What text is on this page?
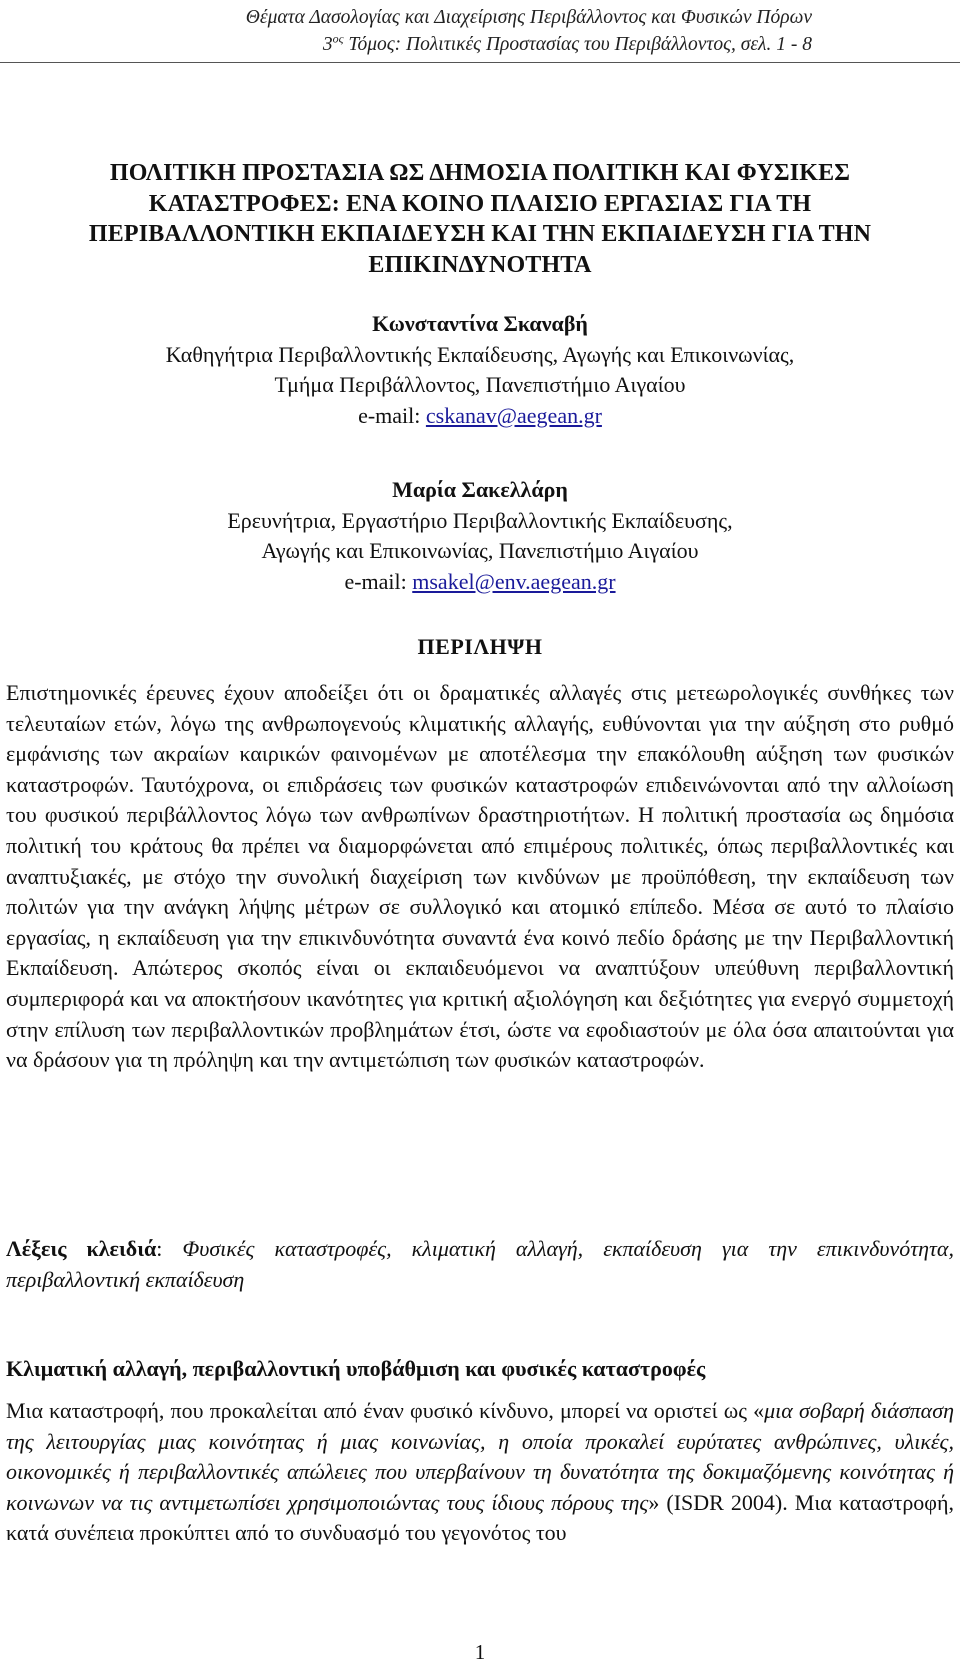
Θέματα Δασολογίας και Διαχείρισης Περιβάλλοντος και Φυσικών Πόρων
$3^{o\varsigma}$ Τόμος: Πολιτικές Προστασίας του Περιβάλλοντος, σελ. 1 - 8
ΠΟΛΙΤΙΚΗ ΠΡΟΣΤΑΣΙΑ ΩΣ ΔΗΜΟΣΙΑ ΠΟΛΙΤΙΚΗ ΚΑΙ ΦΥΣΙΚΕΣ
ΚΑΤΑΣΤΡΟΦΕΣ: ΕΝΑ ΚΟΙΝΟ ΠΛΑΙΣΙΟ ΕΡΓΑΣΙΑΣ ΓΙΑ ΤΗ
ΠΕΡΙΒΑΛΛΟΝΤΙΚΗ ΕΚΠΑΙΔΕΥΣΗ ΚΑΙ ΤΗΝ ΕΚΠΑΙΔΕΥΣΗ ΓΙΑ ΤΗΝ
ΕΠΙΚΙΝΔΥΝΟΤΗΤΑ
Κωνσταντίνα Σκαναβή
Καθηγήτρια Περιβαλλοντικής Εκπαίδευσης, Αγωγής και Επικοινωνίας,
Τμήμα Περιβάλλοντος, Πανεπιστήμιο Αιγαίου
e-mail: cskanav@aegean.gr
Μαρία Σακελλάρη
Ερευνήτρια, Εργαστήριο Περιβαλλοντικής Εκπαίδευσης,
Αγωγής και Επικοινωνίας, Πανεπιστήμιο Αιγαίου
e-mail: msakel@env.aegean.gr
ΠΕΡΙΛΗΨΗ

Επιστημονικές έρευνες έχουν αποδείξει ότι οι δραματικές αλλαγές στις μετεωρολογικές συνθήκες των τελευταίων ετών, λόγω της ανθρωπογενούς κλιματικής αλλαγής, ευθύνονται για την αύξηση στο ρυθμό εμφάνισης των ακραίων καιρικών φαινομένων με αποτέλεσμα την επακόλουθη αύξηση των φυσικών καταστροφών. Ταυτόχρονα, οι επιδράσεις των φυσικών καταστροφών επιδεινώνονται από την αλλοίωση του φυσικού περιβάλλοντος λόγω των ανθρωπίνων δραστηριοτήτων. Η πολιτική προστασία ως δημόσια πολιτική του κράτους θα πρέπει να διαμορφώνεται από επιμέρους πολιτικές, όπως περιβαλλοντικές και αναπτυξιακές, με στόχο την συνολική διαχείριση των κινδύνων με προϋπόθεση, την εκπαίδευση των πολιτών για την ανάγκη λήψης μέτρων σε συλλογικό και ατομικό επίπεδο. Μέσα σε αυτό το πλαίσιο εργασίας, η εκπαίδευση για την επικινδυνότητα συναντά ένα κοινό πεδίο δράσης με την Περιβαλλοντική Εκπαίδευση. Απώτερος σκοπός είναι οι εκπαιδευόμενοι να αναπτύξουν υπεύθυνη περιβαλλοντική συμπεριφορά και να αποκτήσουν ικανότητες για κριτική αξιολόγηση και δεξιότητες για ενεργό συμμετοχή στην επίλυση των περιβαλλοντικών προβλημάτων έτσι, ώστε να εφοδιαστούν με όλα όσα απαιτούνται για να δράσουν για τη πρόληψη και την αντιμετώπιση των φυσικών καταστροφών.

Λέξεις κλειδιά: Φυσικές καταστροφές, κλιματική αλλαγή, εκπαίδευση για την επικινδυνότητα, περιβαλλοντική εκπαίδευση

Κλιματική αλλαγή, περιβαλλοντική υποβάθμιση και φυσικές καταστροφές

Μια καταστροφή, που προκαλείται από έναν φυσικό κίνδυνο, μπορεί να οριστεί ως «μια σοβαρή διάσπαση της λειτουργίας μιας κοινότητας ή μιας κοινωνίας, η οποία προκαλεί ευρύτατες ανθρώπινες, υλικές, οικονομικές ή περιβαλλοντικές απώλειες που υπερβαίνουν τη δυνατότητα της δοκιμαζόμενης κοινότητας ή κοινωνων να τις αντιμετωπίσει χρησιμοποιώντας τους ίδιους πόρους της» (ISDR 2004). Μια καταστροφή, κατά συνέπεια προκύπτει από το συνδυασμό του γεγονότος του

1
